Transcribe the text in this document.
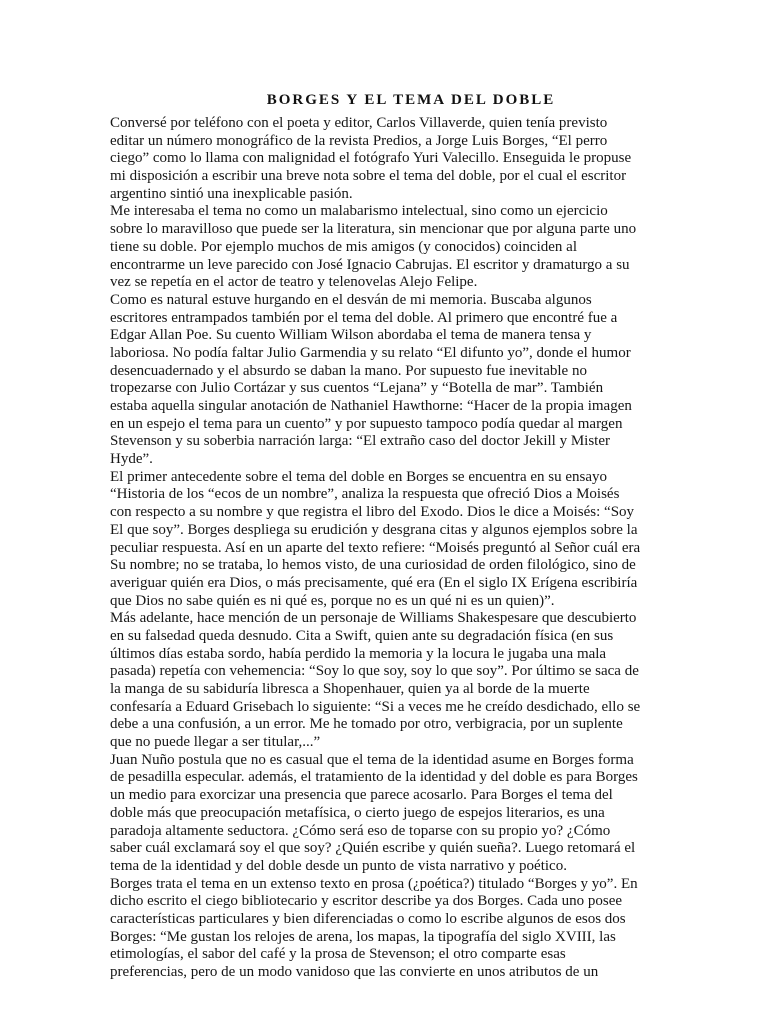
BORGES Y EL TEMA DEL DOBLE
Conversé por teléfono con el poeta y editor, Carlos Villaverde, quien tenía previsto
editar un número monográfico de la revista Predios, a Jorge Luis Borges, “El perro
ciego” como lo llama con malignidad el fotógrafo Yuri Valecillo. Enseguida le propuse
mi disposición a escribir una breve nota sobre el tema del doble, por el cual el escritor
argentino sintió una inexplicable pasión.
Me interesaba el tema no como un malabarismo intelectual, sino como un ejercicio
sobre lo maravilloso que puede ser la literatura, sin mencionar que por alguna parte uno
tiene su doble. Por ejemplo muchos de mis amigos (y conocidos) coinciden al
encontrarme un leve parecido con José Ignacio Cabrujas. El escritor y dramaturgo a su
vez se repetía en el actor de teatro y telenovelas Alejo Felipe.
Como es natural estuve hurgando en el desván de mi memoria. Buscaba algunos
escritores entrampados también por el tema del doble. Al primero que encontré fue a
Edgar Allan Poe. Su cuento William Wilson abordaba el tema de manera tensa y
laboriosa. No podía faltar Julio Garmendia y su relato “El difunto yo”, donde el humor
desencuadernado y el absurdo se daban la mano. Por supuesto fue inevitable no
tropezarse con Julio Cortázar y sus cuentos “Lejana” y “Botella de mar”. También
estaba aquella singular anotación de Nathaniel Hawthorne: “Hacer de la propia imagen
en un espejo el tema para un cuento” y por supuesto tampoco podía quedar al margen
Stevenson y su soberbia narración larga: “El extraño caso del doctor Jekill y Mister
Hyde”.
El primer antecedente sobre el tema del doble en Borges se encuentra en su ensayo
“Historia de los “ecos de un nombre”, analiza la respuesta que ofreció Dios a Moisés
con respecto a su nombre y que registra el libro del Exodo. Dios le dice a Moisés: “Soy
El que soy”. Borges despliega su erudición y desgrana citas y algunos ejemplos sobre la
peculiar respuesta. Así en un aparte del texto refiere: “Moisés preguntó al Señor cuál era
Su nombre; no se trataba, lo hemos visto, de una curiosidad de orden filológico, sino de
averiguar quién era Dios, o más precisamente, qué era (En el siglo IX Erígena escribiría
que Dios no sabe quién es ni qué es, porque no es un qué ni es un quien)”.
Más adelante, hace mención de un personaje de Williams Shakespesare que descubierto
en su falsedad queda desnudo. Cita a Swift, quien ante su degradación física (en sus
últimos días estaba sordo, había perdido la memoria y la locura le jugaba una mala
pasada) repetía con vehemencia: “Soy lo que soy, soy lo que soy”. Por último se saca de
la manga de su sabiduría libresca a Shopenhauer, quien ya al borde de la muerte
confesaría a Eduard Grisebach lo siguiente: “Si a veces me he creído desdichado, ello se
debe a una confusión, a un error. Me he tomado por otro, verbigracia, por un suplente
que no puede llegar a ser titular,...”
Juan Nuño postula que no es casual que el tema de la identidad asume en Borges forma
de pesadilla especular. además, el tratamiento de la identidad y del doble es para Borges
un medio para exorcizar una presencia que parece acosarlo. Para Borges el tema del
doble más que preocupación metafísica, o cierto juego de espejos literarios, es una
paradoja altamente seductora. ¿Cómo será eso de toparse con su propio yo? ¿Cómo
saber cuál exclamará soy el que soy? ¿Quién escribe y quién sueña?. Luego retomará el
tema de la identidad y del doble desde un punto de vista narrativo y poético.
Borges trata el tema en un extenso texto en prosa (¿poética?) titulado “Borges y yo”. En
dicho escrito el ciego bibliotecario y escritor describe ya dos Borges. Cada uno posee
características particulares y bien diferenciadas o como lo escribe algunos de esos dos
Borges: “Me gustan los relojes de arena, los mapas, la tipografía del siglo XVIII, las
etimologías, el sabor del café y la prosa de Stevenson; el otro comparte esas
preferencias, pero de un modo vanidoso que las convierte en unos atributos de un
